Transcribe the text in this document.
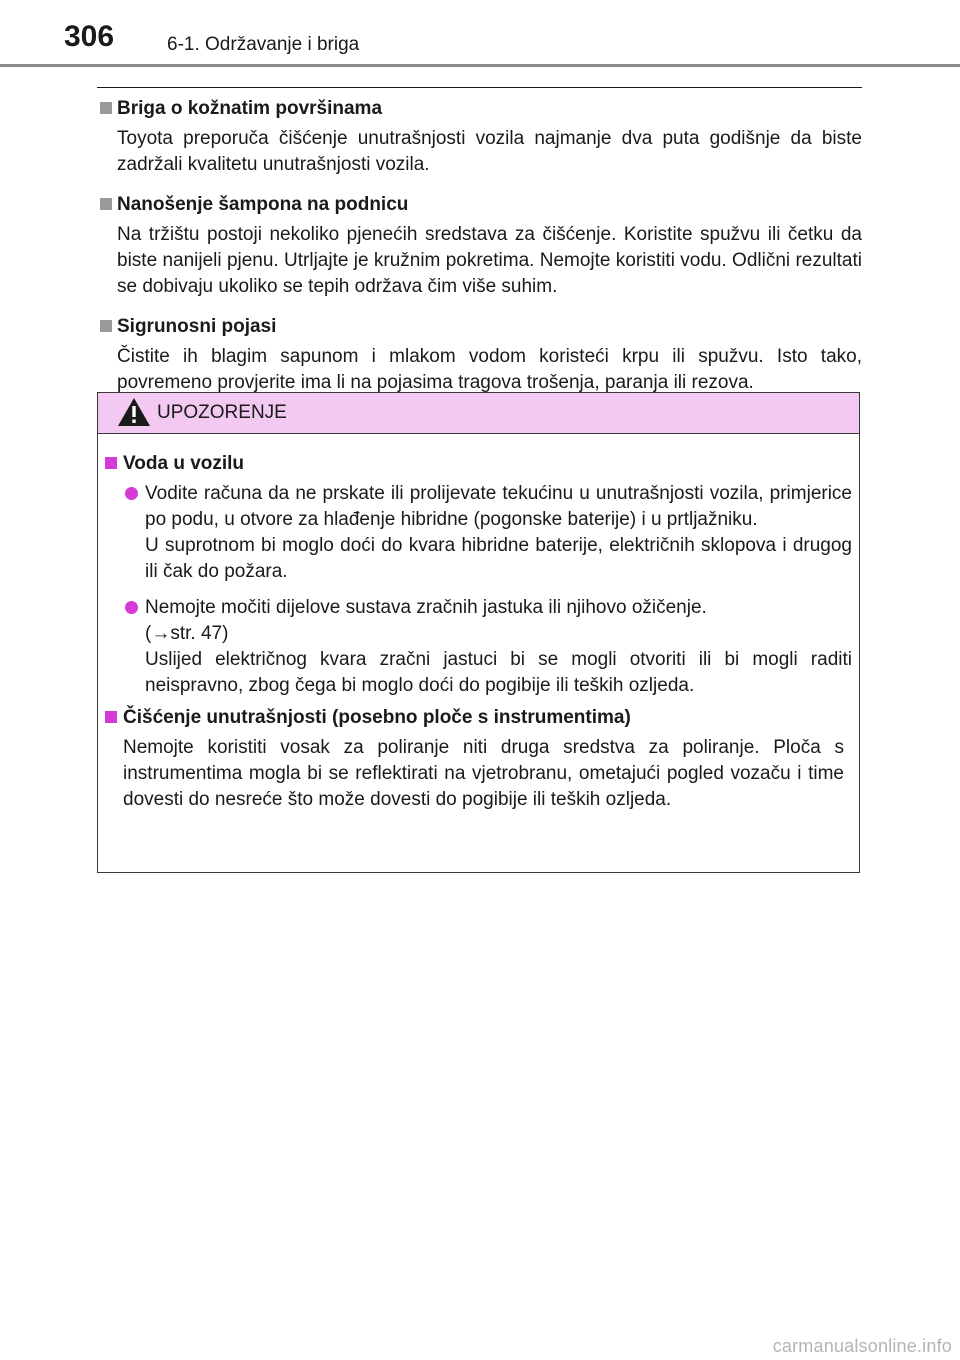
306	6-1. Održavanje i briga
Briga o kožnatim površinama
Toyota preporuča čišćenje unutrašnjosti vozila najmanje dva puta godišnje da biste zadržali kvalitetu unutrašnjosti vozila.
Nanošenje šampona na podnicu
Na tržištu postoji nekoliko pjenećih sredstava za čišćenje. Koristite spužvu ili četku da biste nanijeli pjenu. Utrljajte je kružnim pokretima. Nemojte koristiti vodu. Odlični rezultati se dobivaju ukoliko se tepih održava čim više suhim.
Sigrunosni pojasi
Čistite ih blagim sapunom i mlakom vodom koristeći krpu ili spužvu. Isto tako, povremeno provjerite ima li na pojasima tragova trošenja, paranja ili rezova.
UPOZORENJE
Voda u vozilu

Vodite računa da ne prskate ili prolijevate tekućinu u unutrašnjosti vozila, primjerice po podu, u otvore za hlađenje hibridne (pogonske baterije) i u prtljažniku.

U suprotnom bi moglo doći do kvara hibridne baterije, električnih sklopova i drugog ili čak do požara.

Nemojte močiti dijelove sustava zračnih jastuka ili njihovo ožičenje.

(→str. 47)

Uslijed električnog kvara zračni jastuci bi se mogli otvoriti ili bi mogli raditi neispravno, zbog čega bi moglo doći do pogibije ili teških ozljeda.

Čišćenje unutrašnjosti (posebno ploče s instrumentima)
Nemojte koristiti vosak za poliranje niti druga sredstva za poliranje. Ploča s instrumentima mogla bi se reflektirati na vjetrobranu, ometajući pogled vozaču i time dovesti do nesreće što može dovesti do pogibije ili teških ozljeda.
carmanualsonline.info
